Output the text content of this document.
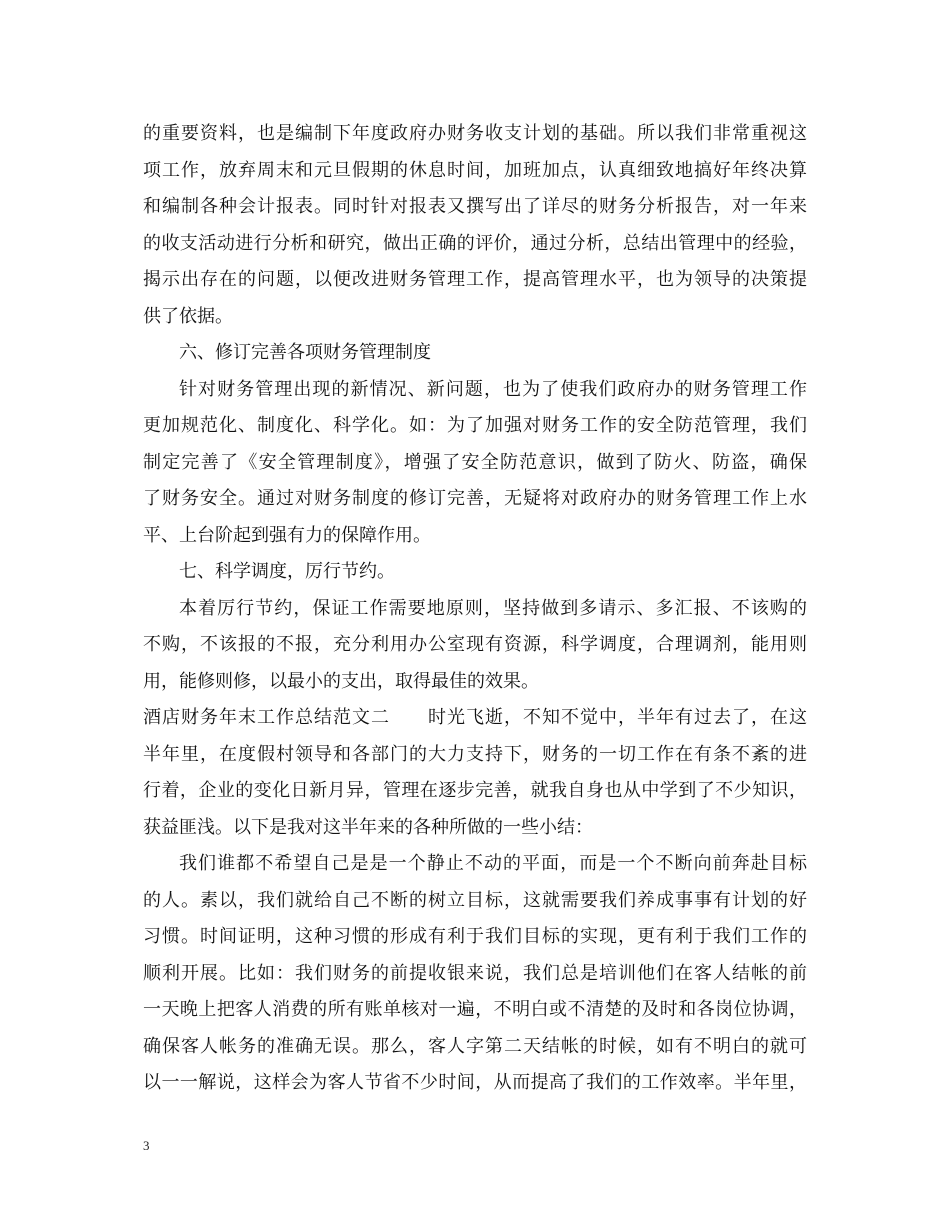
的重要资料，也是编制下年度政府办财务收支计划的基础。所以我们非常重视这
项工作，放弃周末和元旦假期的休息时间，加班加点，认真细致地搞好年终决算
和编制各种会计报表。同时针对报表又撰写出了详尽的财务分析报告，对一年来
的收支活动进行分析和研究，做出正确的评价，通过分析，总结出管理中的经验，
揭示出存在的问题，以便改进财务管理工作，提高管理水平，也为领导的决策提
供了依据。
六、修订完善各项财务管理制度
针对财务管理出现的新情况、新问题，也为了使我们政府办的财务管理工作
更加规范化、制度化、科学化。如：为了加强对财务工作的安全防范管理，我们
制定完善了《安全管理制度》，增强了安全防范意识，做到了防火、防盗，确保
了财务安全。通过对财务制度的修订完善，无疑将对政府办的财务管理工作上水
平、上台阶起到强有力的保障作用。
七、科学调度，厉行节约。
本着厉行节约，保证工作需要地原则，坚持做到多请示、多汇报、不该购的
不购，不该报的不报，充分利用办公室现有资源，科学调度，合理调剂，能用则
用，能修则修，以最小的支出，取得最佳的效果。
酒店财务年末工作总结范文二　　时光飞逝，不知不觉中，半年有过去了，在这
半年里，在度假村领导和各部门的大力支持下，财务的一切工作在有条不紊的进
行着，企业的变化日新月异，管理在逐步完善，就我自身也从中学到了不少知识，
获益匪浅。以下是我对这半年来的各种所做的一些小结：
我们谁都不希望自己是是一个静止不动的平面，而是一个不断向前奔赴目标
的人。素以，我们就给自己不断的树立目标，这就需要我们养成事事有计划的好
习惯。时间证明，这种习惯的形成有利于我们目标的实现，更有利于我们工作的
顺利开展。比如：我们财务的前提收银来说，我们总是培训他们在客人结帐的前
一天晚上把客人消费的所有账单核对一遍，不明白或不清楚的及时和各岗位协调，
确保客人帐务的准确无误。那么，客人字第二天结帐的时候，如有不明白的就可
以一一解说，这样会为客人节省不少时间，从而提高了我们的工作效率。半年里，
3
